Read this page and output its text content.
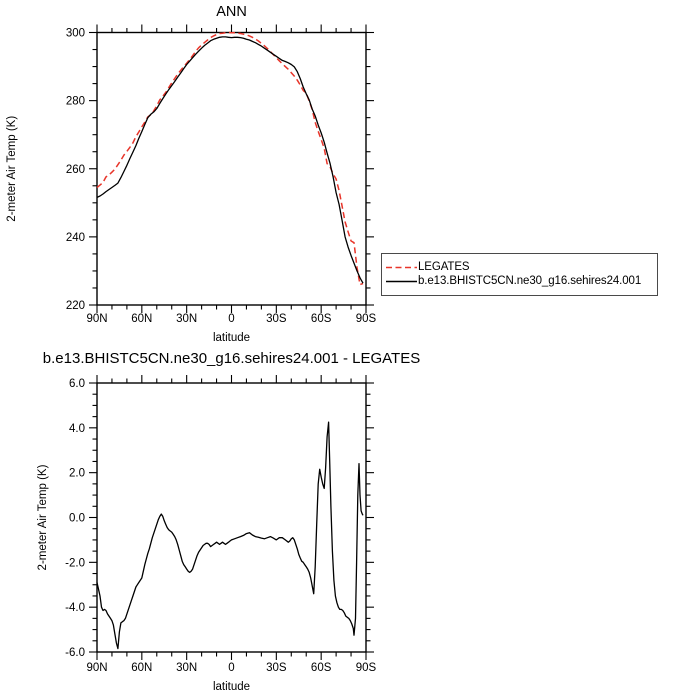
90N 60N 30N	0	30S 60S 90S
220
240
260
280
300
ANN
latitude
2-meter Air Temp (K)
90N 60N 30N	0	30S 60S 90S
-6.0
-4.0
-2.0
0.0
2.0
4.0
6.0
b.e13.BHISTC5CN.ne30_g16.sehires24.001 - LEGATES
latitude
2-meter Air Temp (K)
LEGATES
b.e13.BHISTC5CN.ne30_g16.sehires24.001
